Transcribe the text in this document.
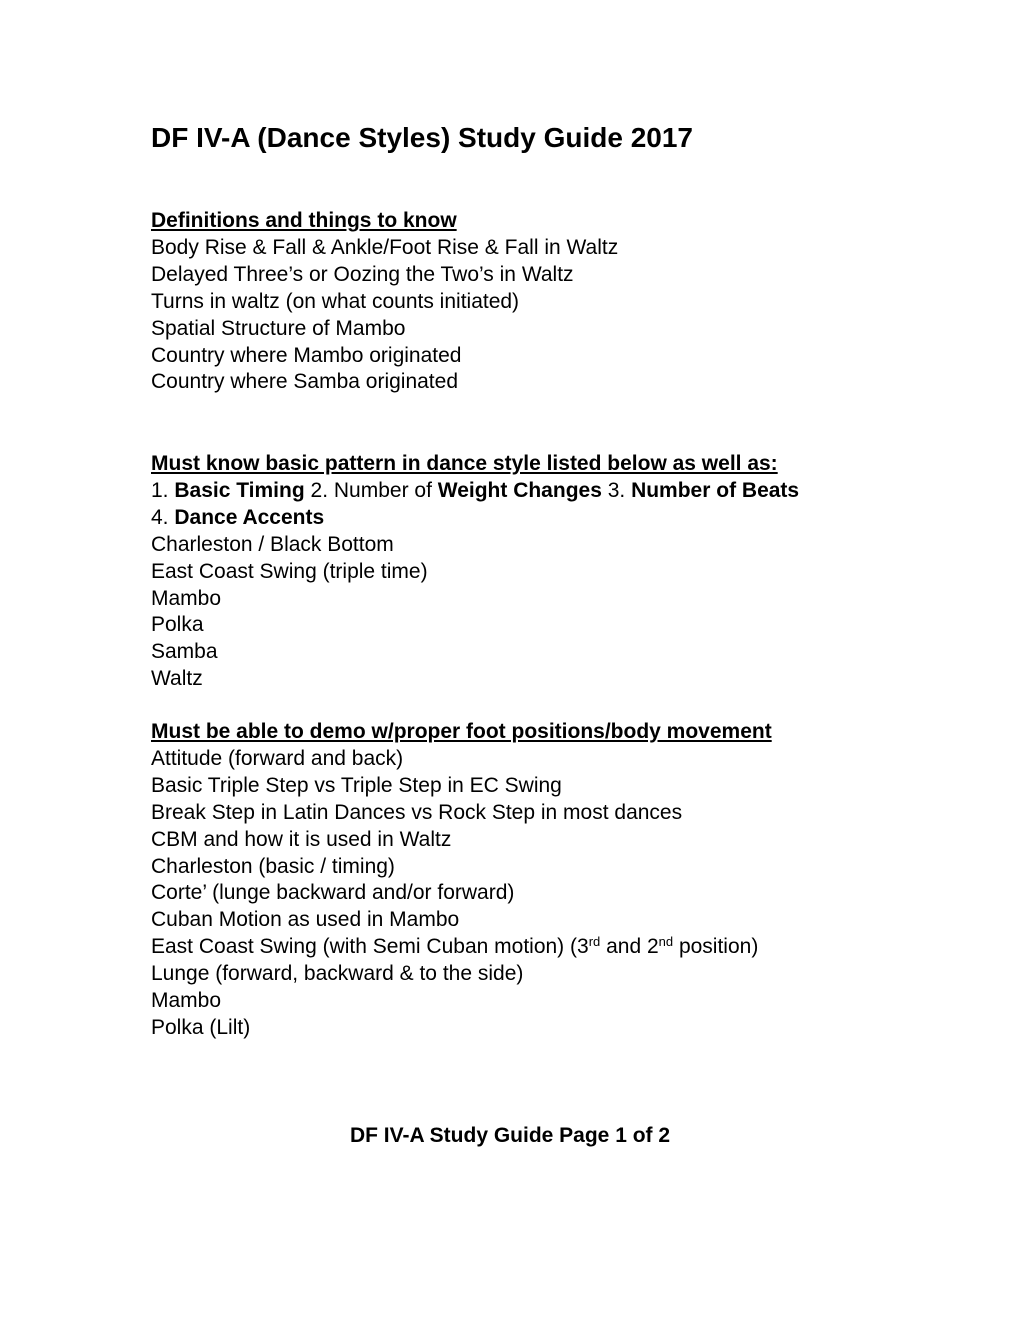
DF IV-A (Dance Styles) Study Guide 2017
Definitions and things to know
Body Rise & Fall & Ankle/Foot Rise & Fall in Waltz
Delayed Three’s or Oozing the Two’s in Waltz
Turns in waltz (on what counts initiated)
Spatial Structure of Mambo
Country where Mambo originated
Country where Samba originated
Must know basic pattern in dance style listed below as well as:
1. Basic Timing 2. Number of Weight Changes 3. Number of Beats 4. Dance Accents
Charleston / Black Bottom
East Coast Swing (triple time)
Mambo
Polka
Samba
Waltz
Must be able to demo w/proper foot positions/body movement
Attitude (forward and back)
Basic Triple Step vs Triple Step in EC Swing
Break Step in Latin Dances vs Rock Step in most dances
CBM and how it is used in Waltz
Charleston (basic / timing)
Corte’ (lunge backward and/or forward)
Cuban Motion as used in Mambo
East Coast Swing (with Semi Cuban motion) (3rd and 2nd position)
Lunge (forward, backward & to the side)
Mambo
Polka (Lilt)
DF IV-A Study Guide Page 1 of 2
